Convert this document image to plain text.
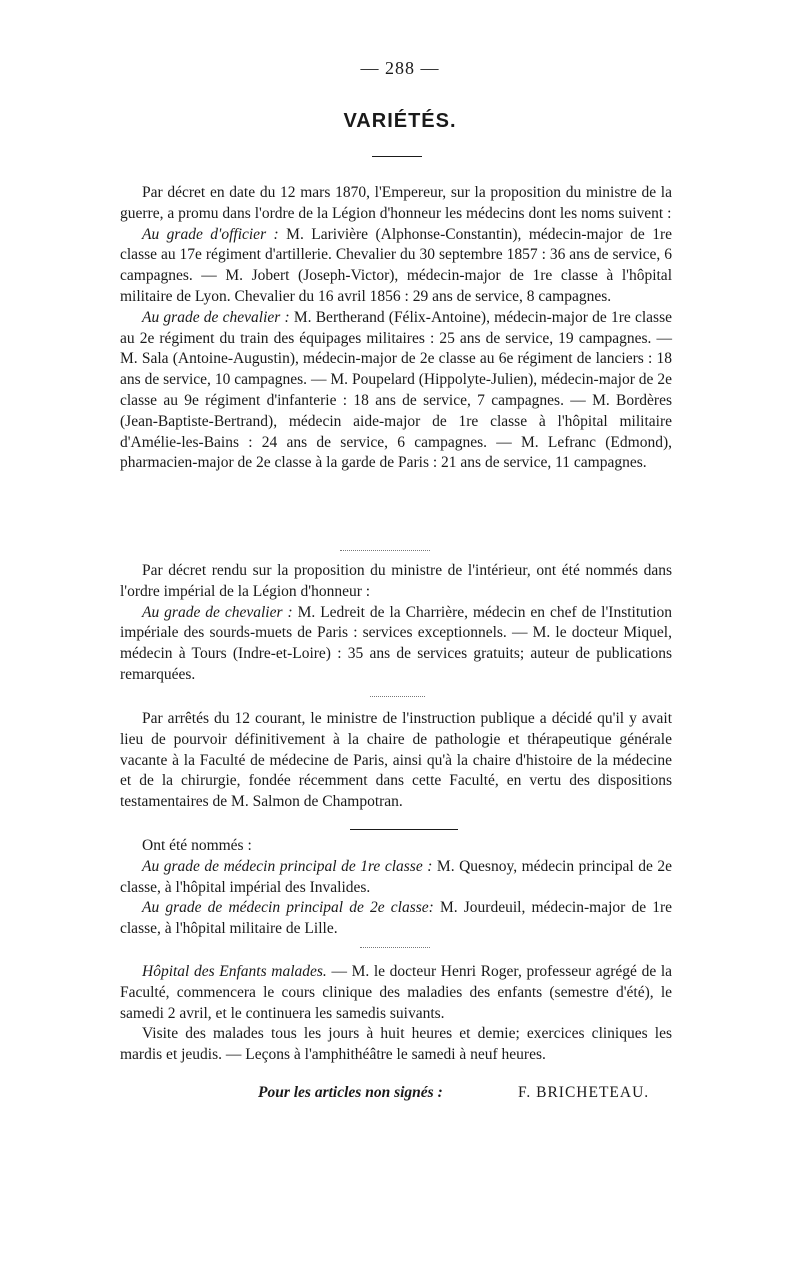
— 288 —
VARIÉTÉS.

Par décret en date du 12 mars 1870, l'Empereur, sur la proposition du ministre de la guerre, a promu dans l'ordre de la Légion d'honneur les médecins dont les noms suivent :

Au grade d'officier : M. Larivière (Alphonse-Constantin), médecin-major de 1re classe au 17e régiment d'artillerie. Chevalier du 30 septembre 1857 : 36 ans de service, 6 campagnes. — M. Jobert (Joseph-Victor), médecin-major de 1re classe à l'hôpital militaire de Lyon. Chevalier du 16 avril 1856 : 29 ans de service, 8 campagnes.

Au grade de chevalier : M. Bertherand (Félix-Antoine), médecin-major de 1re classe au 2e régiment du train des équipages militaires : 25 ans de service, 19 campagnes. — M. Sala (Antoine-Augustin), médecin-major de 2e classe au 6e régiment de lanciers : 18 ans de service, 10 campagnes. — M. Poupelard (Hippolyte-Julien), médecin-major de 2e classe au 9e régiment d'infanterie : 18 ans de service, 7 campagnes. — M. Bordères (Jean-Baptiste-Bertrand), médecin aide-major de 1re classe à l'hôpital militaire d'Amélie-les-Bains : 24 ans de service, 6 campagnes. — M. Lefranc (Edmond), pharmacien-major de 2e classe à la garde de Paris : 21 ans de service, 11 campagnes.

Par décret rendu sur la proposition du ministre de l'intérieur, ont été nommés dans l'ordre impérial de la Légion d'honneur :

Au grade de chevalier : M. Ledreit de la Charrière, médecin en chef de l'Institution impériale des sourds-muets de Paris : services exceptionnels. — M. le docteur Miquel, médecin à Tours (Indre-et-Loire) : 35 ans de services gratuits; auteur de publications remarquées.

Par arrêtés du 12 courant, le ministre de l'instruction publique a décidé qu'il y avait lieu de pourvoir définitivement à la chaire de pathologie et thérapeutique générale vacante à la Faculté de médecine de Paris, ainsi qu'à la chaire d'histoire de la médecine et de la chirurgie, fondée récemment dans cette Faculté, en vertu des dispositions testamentaires de M. Salmon de Champotran.

Ont été nommés :

Au grade de médecin principal de 1re classe : M. Quesnoy, médecin principal de 2e classe, à l'hôpital impérial des Invalides.

Au grade de médecin principal de 2e classe: M. Jourdeuil, médecin-major de 1re classe, à l'hôpital militaire de Lille.

Hôpital des Enfants malades. — M. le docteur Henri Roger, professeur agrégé de la Faculté, commencera le cours clinique des maladies des enfants (semestre d'été), le samedi 2 avril, et le continuera les samedis suivants.

Visite des malades tous les jours à huit heures et demie; exercices cliniques les mardis et jeudis. — Leçons à l'amphithéâtre le samedi à neuf heures.

Pour les articles non signés :	F. BRICHETEAU.
